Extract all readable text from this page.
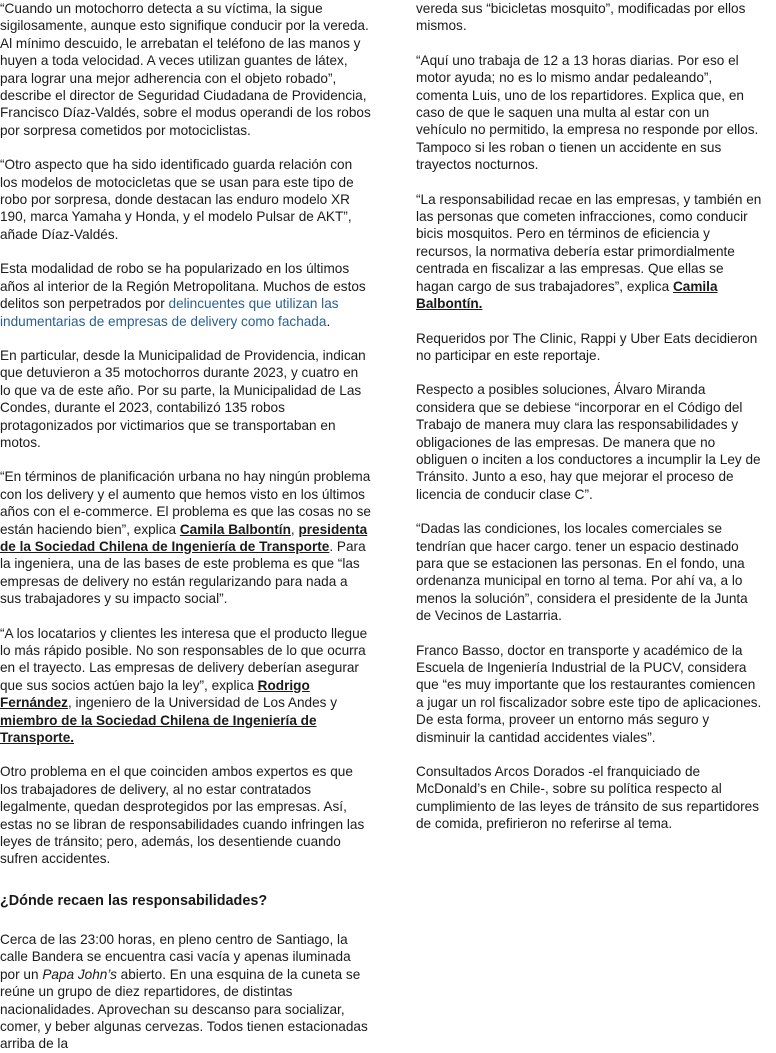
“Cuando un motochorro detecta a su víctima, la sigue sigilosamente, aunque esto signifique conducir por la vereda. Al mínimo descuido, le arrebatan el teléfono de las manos y huyen a toda velocidad. A veces utilizan guantes de látex, para lograr una mejor adherencia con el objeto robado”, describe el director de Seguridad Ciudadana de Providencia, Francisco Díaz-Valdés, sobre el modus operandi de los robos por sorpresa cometidos por motociclistas.

“Otro aspecto que ha sido identificado guarda relación con los modelos de motocicletas que se usan para este tipo de robo por sorpresa, donde destacan las enduro modelo XR 190, marca Yamaha y Honda, y el modelo Pulsar de AKT”, añade Díaz-Valdés.

Esta modalidad de robo se ha popularizado en los últimos años al interior de la Región Metropolitana. Muchos de estos delitos son perpetrados por delincuentes que utilizan las indumentarias de empresas de delivery como fachada.

En particular, desde la Municipalidad de Providencia, indican que detuvieron a 35 motochorros durante 2023, y cuatro en lo que va de este año. Por su parte, la Municipalidad de Las Condes, durante el 2023, contabilizó 135 robos protagonizados por victimarios que se transportaban en motos.

“En términos de planificación urbana no hay ningún problema con los delivery y el aumento que hemos visto en los últimos años con el e-commerce. El problema es que las cosas no se están haciendo bien”, explica Camila Balbontín, presidenta de la Sociedad Chilena de Ingeniería de Transporte. Para la ingeniera, una de las bases de este problema es que “las empresas de delivery no están regularizando para nada a sus trabajadores y su impacto social”.

“A los locatarios y clientes les interesa que el producto llegue lo más rápido posible. No son responsables de lo que ocurra en el trayecto. Las empresas de delivery deberían asegurar que sus socios actúen bajo la ley”, explica Rodrigo Fernández, ingeniero de la Universidad de Los Andes y miembro de la Sociedad Chilena de Ingeniería de Transporte.

Otro problema en el que coinciden ambos expertos es que los trabajadores de delivery, al no estar contratados legalmente, quedan desprotegidos por las empresas. Así, estas no se libran de responsabilidades cuando infringen las leyes de tránsito; pero, además, los desentiende cuando sufren accidentes.

¿Dónde recaen las responsabilidades?

Cerca de las 23:00 horas, en pleno centro de Santiago, la calle Bandera se encuentra casi vacía y apenas iluminada por un Papa John’s abierto. En una esquina de la cuneta se reúne un grupo de diez repartidores, de distintas nacionalidades. Aprovechan su descanso para socializar, comer, y beber algunas cervezas. Todos tienen estacionadas arriba de la

vereda sus “bicicletas mosquito”, modificadas por ellos mismos.

“Aquí uno trabaja de 12 a 13 horas diarias. Por eso el motor ayuda; no es lo mismo andar pedaleando”, comenta Luis, uno de los repartidores. Explica que, en caso de que le saquen una multa al estar con un vehículo no permitido, la empresa no responde por ellos. Tampoco si les roban o tienen un accidente en sus trayectos nocturnos.

“La responsabilidad recae en las empresas, y también en las personas que cometen infracciones, como conducir bicis mosquitos. Pero en términos de eficiencia y recursos, la normativa debería estar primordialmente centrada en fiscalizar a las empresas. Que ellas se hagan cargo de sus trabajadores”, explica Camila Balbontín.

Requeridos por The Clinic, Rappi y Uber Eats decidieron no participar en este reportaje.

Respecto a posibles soluciones, Álvaro Miranda considera que se debiese “incorporar en el Código del Trabajo de manera muy clara las responsabilidades y obligaciones de las empresas. De manera que no obliguen o inciten a los conductores a incumplir la Ley de Tránsito. Junto a eso, hay que mejorar el proceso de licencia de conducir clase C”.

“Dadas las condiciones, los locales comerciales se tendrían que hacer cargo. tener un espacio destinado para que se estacionen las personas. En el fondo, una ordenanza municipal en torno al tema. Por ahí va, a lo menos la solución”, considera el presidente de la Junta de Vecinos de Lastarria.

Franco Basso, doctor en transporte y académico de la Escuela de Ingeniería Industrial de la PUCV, considera que “es muy importante que los restaurantes comiencen a jugar un rol fiscalizador sobre este tipo de aplicaciones. De esta forma, proveer un entorno más seguro y disminuir la cantidad accidentes viales”.

Consultados Arcos Dorados -el franquiciado de McDonald’s en Chile-, sobre su política respecto al cumplimiento de las leyes de tránsito de sus repartidores de comida, prefirieron no referirse al tema.
